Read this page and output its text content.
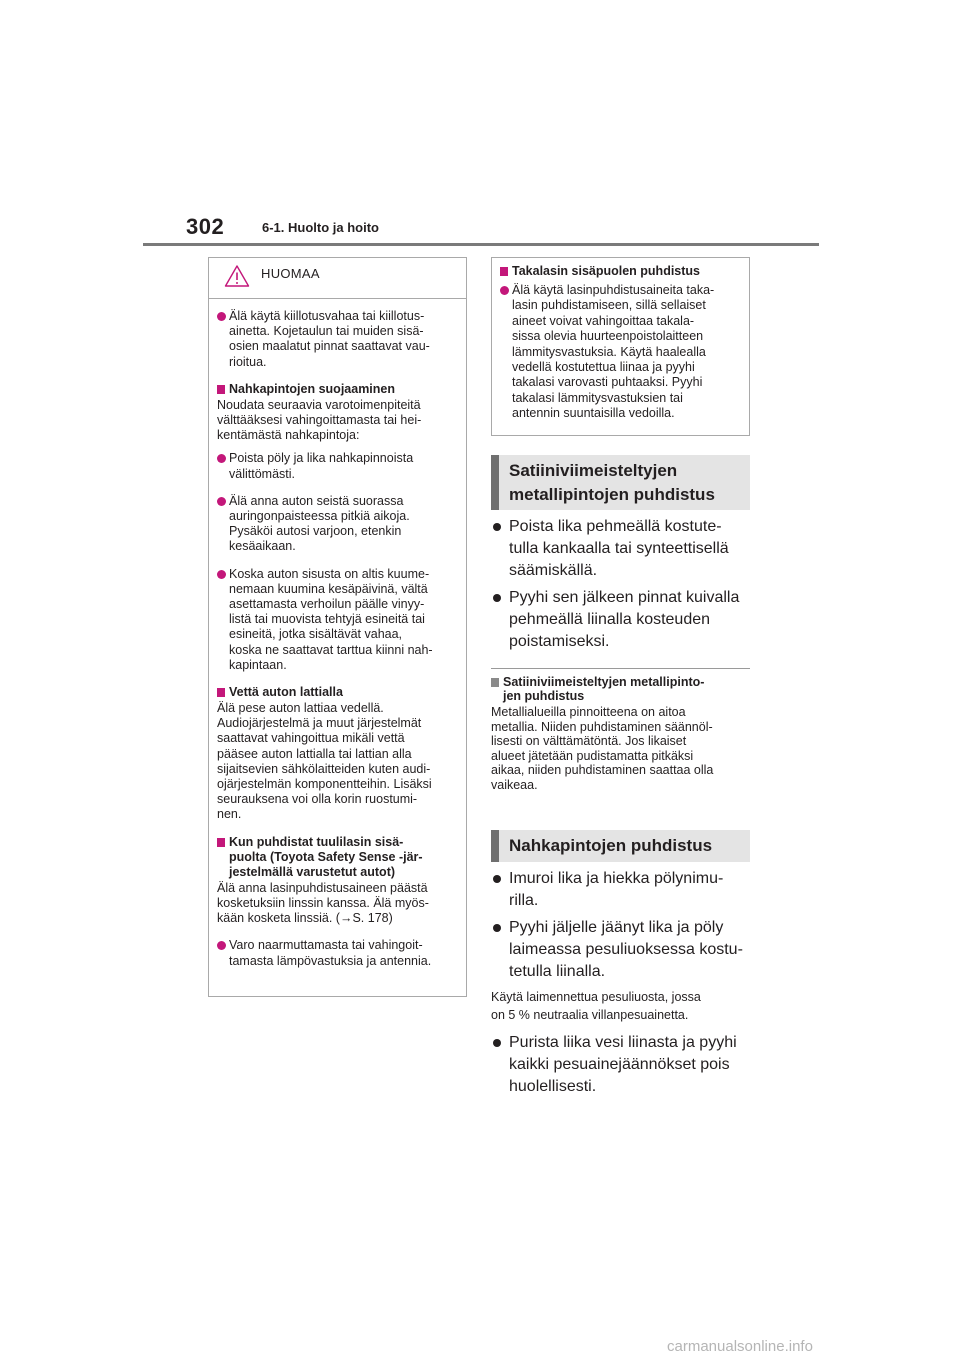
302	6-1. Huolto ja hoito
HUOMAA
Älä käytä kiillotusvahaa tai kiillotus-
ainetta. Kojetaulun tai muiden sisä-
osien maalatut pinnat saattavat vau-
rioitua.
Nahkapintojen suojaaminen
Noudata seuraavia varotoimenpiteitä
välttääksesi vahingoittamasta tai hei-
kentämästä nahkapintoja:
Poista pöly ja lika nahkapinnoista
välittömästi.
Älä anna auton seistä suorassa
auringonpaisteessa pitkiä aikoja.
Pysäköi autosi varjoon, etenkin
kesäaikaan.
Koska auton sisusta on altis kuume-
nemaan kuumina kesäpäivinä, vältä
asettamasta verhoilun päälle vinyy-
listä tai muovista tehtyjä esineitä tai
esineitä, jotka sisältävät vahaa,
koska ne saattavat tarttua kiinni nah-
kapintaan.
Vettä auton lattialla
Älä pese auton lattiaa vedellä.
Audiojärjestelmä ja muut järjestelmät
saattavat vahingoittua mikäli vettä
pääsee auton lattialla tai lattian alla
sijaitsevien sähkölaitteiden kuten audi-
ojärjestelmän komponentteihin. Lisäksi
seurauksena voi olla korin ruostumi-
nen.
Kun puhdistat tuulilasin sisä-
puolta (Toyota Safety Sense -jär-
jestelmällä varustetut autot)
Älä anna lasinpuhdistusaineen päästä
kosketuksiin linssin kanssa. Älä myös-
kään kosketa linssiä. (→S. 178)
Varo naarmuttamasta tai vahingoit-
tamasta lämpövastuksia ja antennia.
Takalasin sisäpuolen puhdistus
Älä käytä lasinpuhdistusaineita taka-
lasin puhdistamiseen, sillä sellaiset
aineet voivat vahingoittaa takala-
sissa olevia huurteenpoistolaitteen
lämmitysvastuksia. Käytä haalealla
vedellä kostutettua liinaa ja pyyhi
takalasi varovasti puhtaaksi. Pyyhi
takalasi lämmitysvastuksien tai
antennin suuntaisilla vedoilla.
Satiiniviimeisteltyjen
metallipintojen puhdistus
Poista lika pehmeällä kostute-
tulla kankaalla tai synteettisellä
säämiskällä.
Pyyhi sen jälkeen pinnat kuivalla
pehmeällä liinalla kosteuden
poistamiseksi.
Satiiniviimeisteltyjen metallipinto-
jen puhdistus
Metallialueilla pinnoitteena on aitoa
metallia. Niiden puhdistaminen säännöl-
lisesti on välttämätöntä. Jos likaiset
alueet jätetään pudistamatta pitkäksi
aikaa, niiden puhdistaminen saattaa olla
vaikeaa.
Nahkapintojen puhdistus
Imuroi lika ja hiekka pölynimu-
rilla.
Pyyhi jäljelle jäänyt lika ja pöly
laimeassa pesuliuoksessa kostu-
tetulla liinalla.
Käytä laimennettua pesuliuosta, jossa
on 5 % neutraalia villanpesuainetta.
Purista liika vesi liinasta ja pyyhi
kaikki pesuainejäännökset pois
huolellisesti.
carmanualsonline.info
